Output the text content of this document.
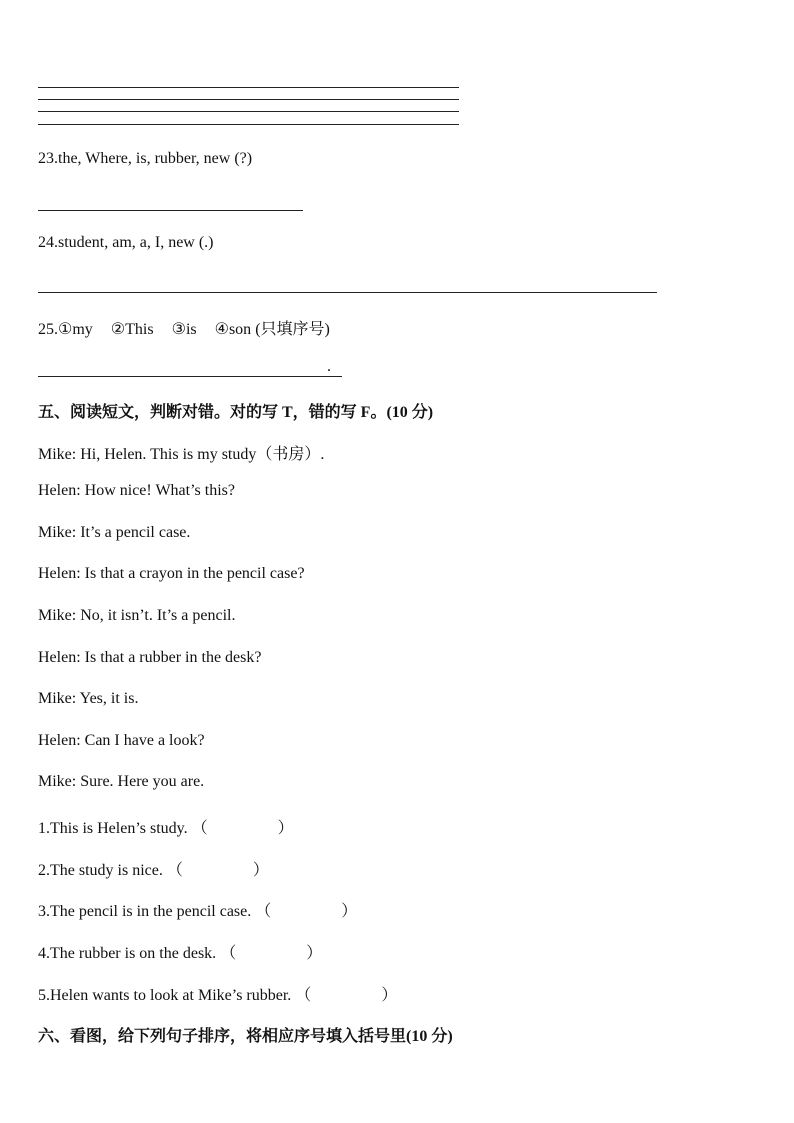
23.the, Where, is, rubber, new (?)
24.student, am, a, I, new (.)
25.①my ②This ③is ④son (只填序号)
.
五、阅读短文，判断对错。对的写 T，错的写 F。(10 分)
Mike: Hi, Helen. This is my study（书房）.
Helen: How nice! What’s this?
Mike: It’s a pencil case.
Helen: Is that a crayon in the pencil case?
Mike: No, it isn’t. It’s a pencil.
Helen: Is that a rubber in the desk?
Mike: Yes, it is.
Helen: Can I have a look?
Mike: Sure. Here you are.
1.This is Helen’s study. （	）
2.The study is nice. （	）
3.The pencil is in the pencil case. （	）
4.The rubber is on the desk. （	）
5.Helen wants to look at Mike’s rubber. （	）
六、看图，给下列句子排序，将相应序号填入括号里(10 分)
